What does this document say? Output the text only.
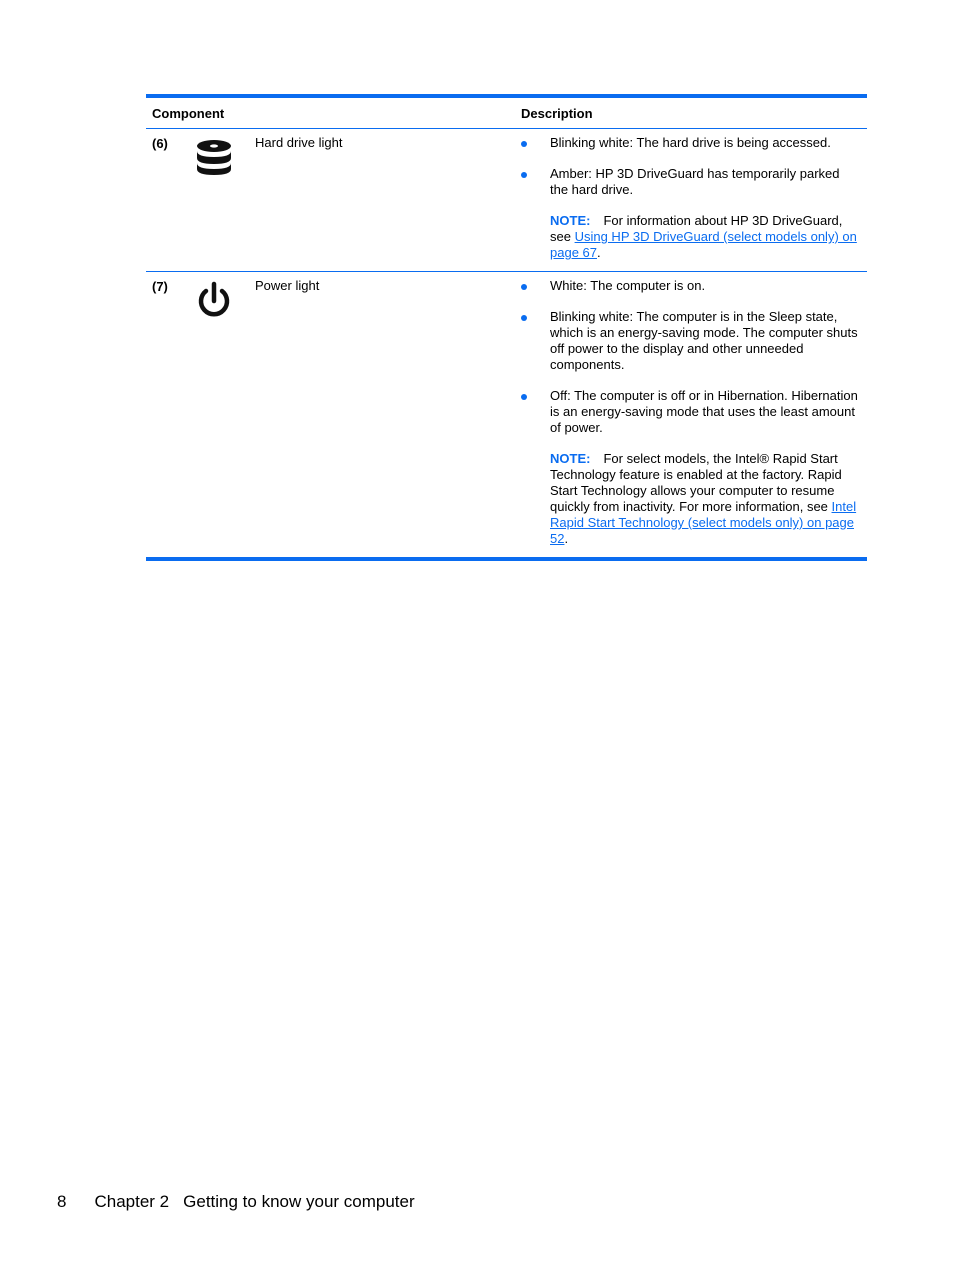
Component	Description
(6)	Hard drive light	Blinking white: The hard drive is being accessed.
Amber: HP 3D DriveGuard has temporarily parked the hard drive.
NOTE: For information about HP 3D DriveGuard, see Using HP 3D DriveGuard (select models only) on page 67.
(7)	Power light	White: The computer is on.
Blinking white: The computer is in the Sleep state, which is an energy-saving mode. The computer shuts off power to the display and other unneeded components.
Off: The computer is off or in Hibernation. Hibernation is an energy-saving mode that uses the least amount of power.
NOTE: For select models, the Intel® Rapid Start Technology feature is enabled at the factory. Rapid Start Technology allows your computer to resume quickly from inactivity. For more information, see Intel Rapid Start Technology (select models only) on page 52.
8 Chapter 2 Getting to know your computer
